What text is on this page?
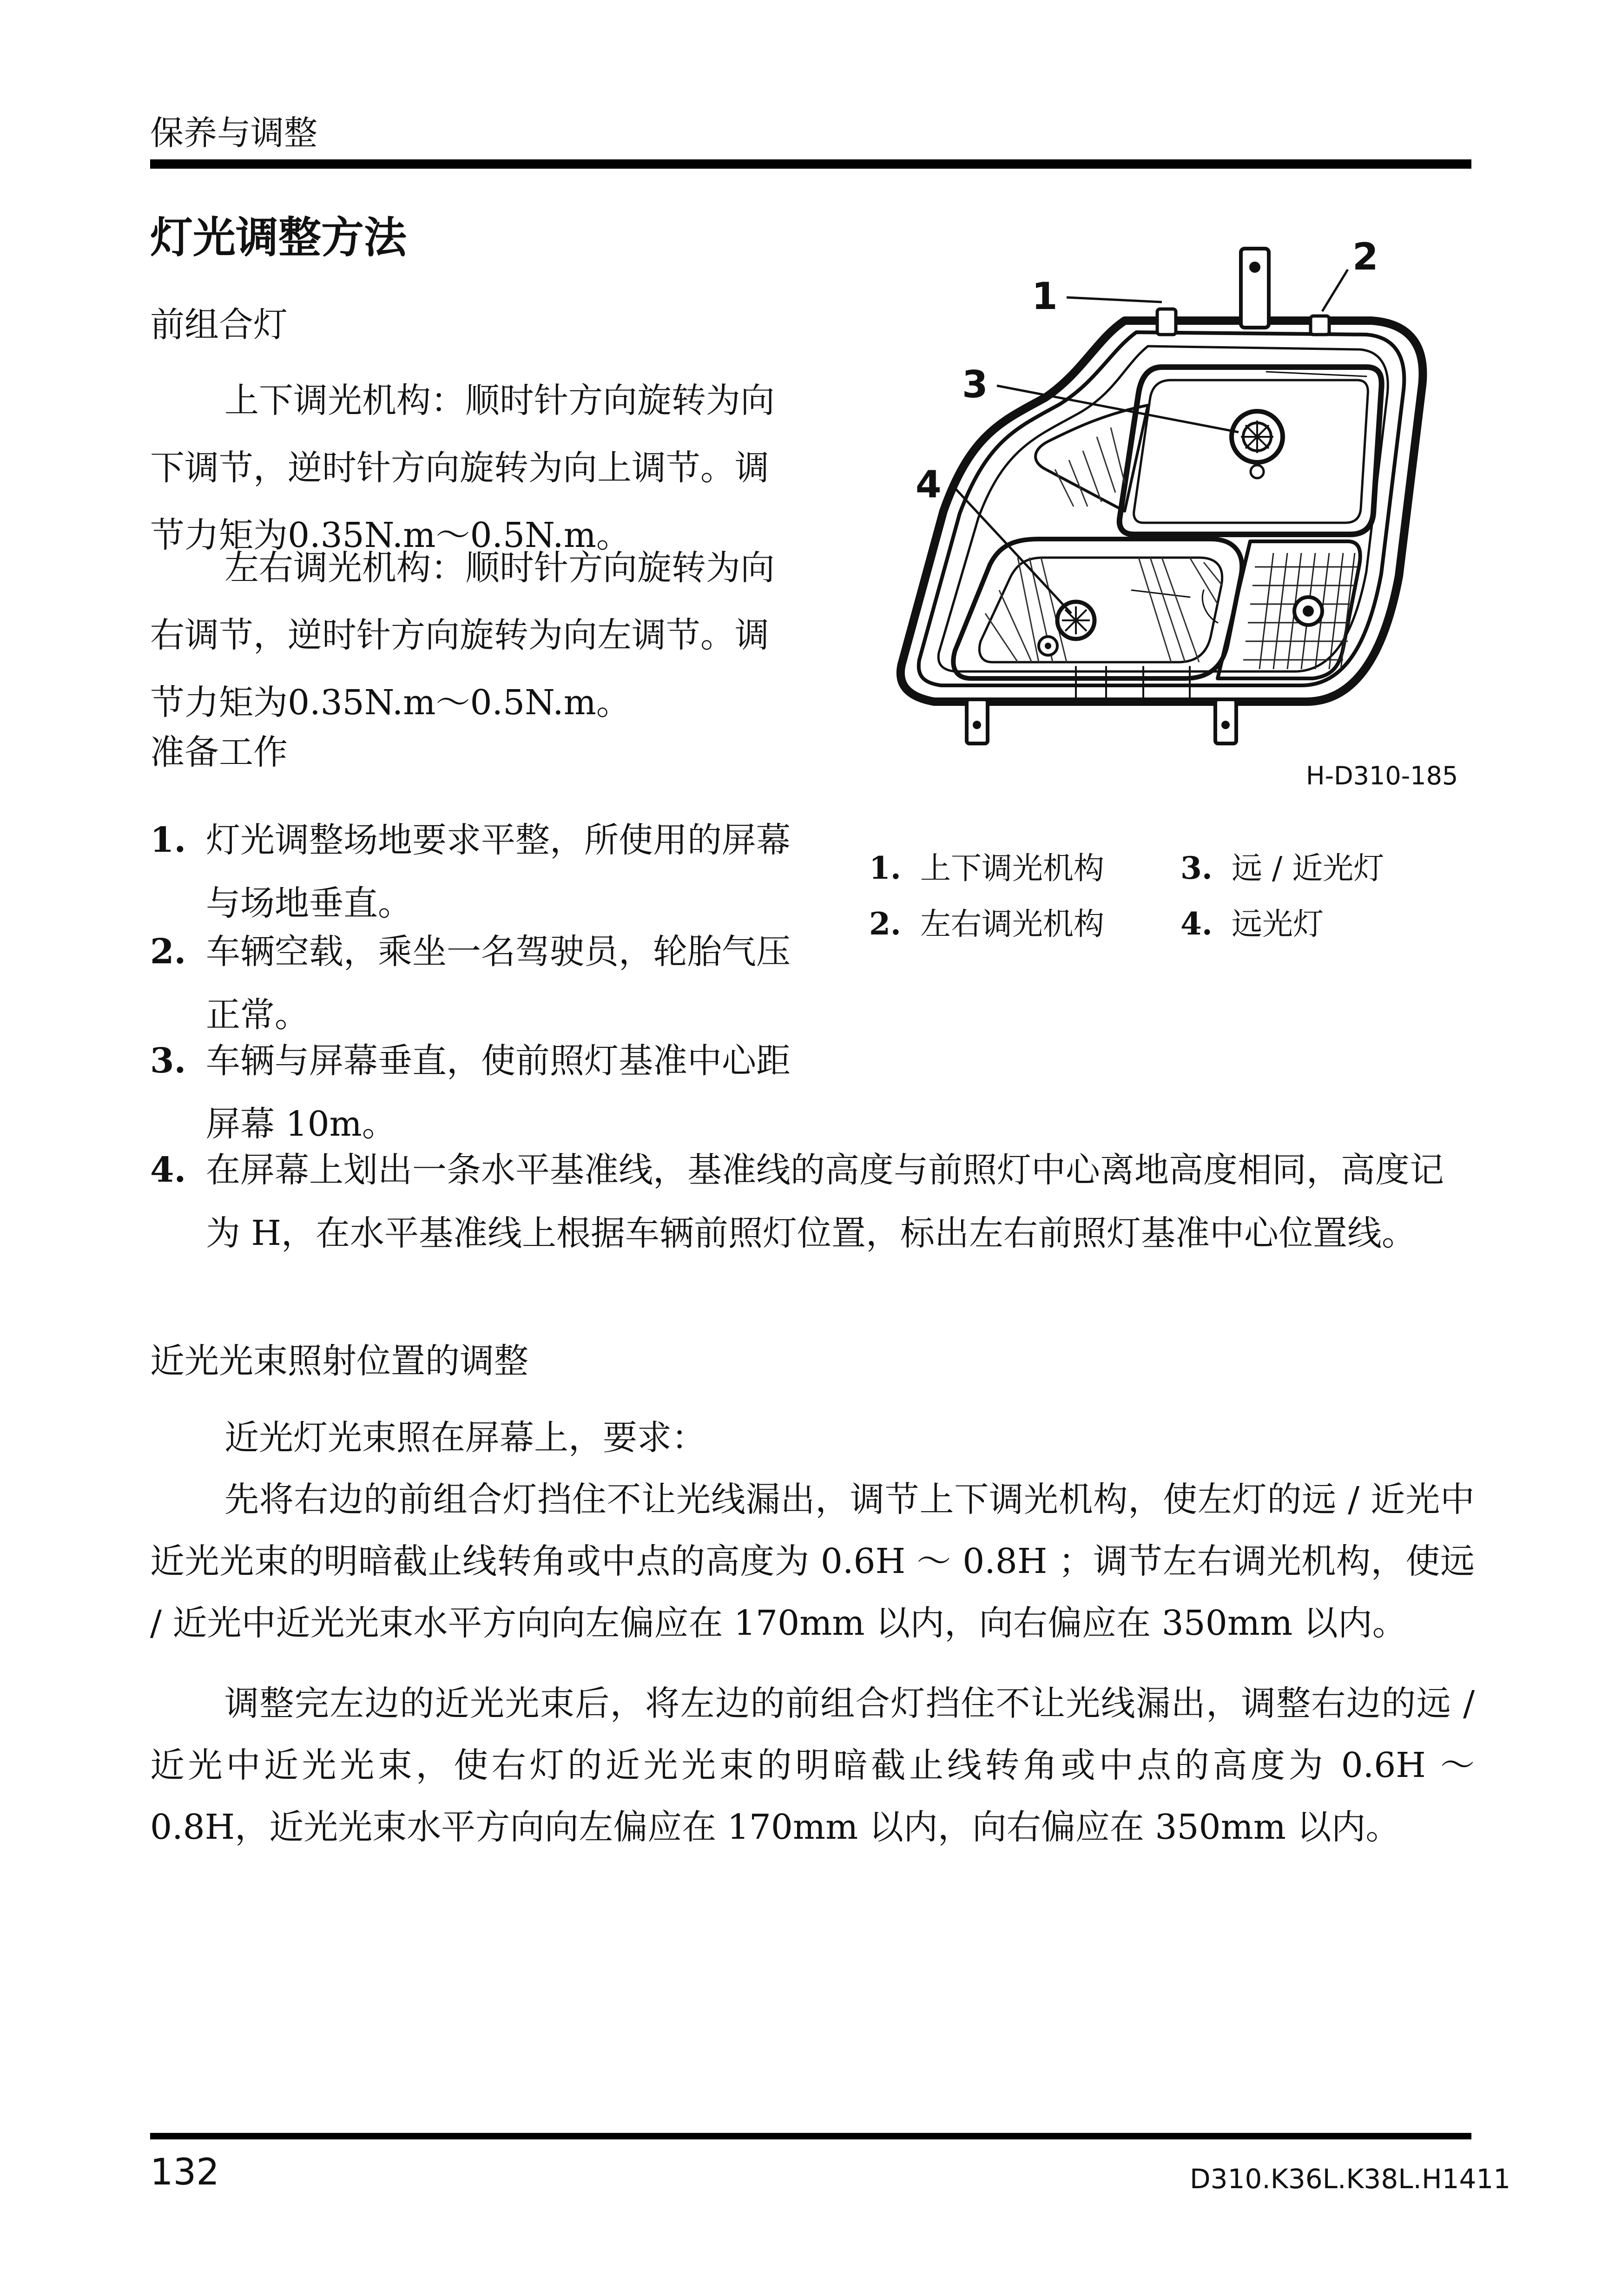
保养与调整
灯光调整方法
前组合灯

上下调光机构：顺时针方向旋转为向下调节，逆时针方向旋转为向上调节。调节力矩为0.35N.m～0.5N.m。

左右调光机构：顺时针方向旋转为向右调节，逆时针方向旋转为向左调节。调节力矩为0.35N.m～0.5N.m。

准备工作
1. 灯光调整场地要求平整，所使用的屏幕与场地垂直。
2. 车辆空载，乘坐一名驾驶员，轮胎气压正常。
3. 车辆与屏幕垂直，使前照灯基准中心距屏幕 10m。
4. 在屏幕上划出一条水平基准线，基准线的高度与前照灯中心离地高度相同，高度记为 H，在水平基准线上根据车辆前照灯位置，标出左右前照灯基准中心位置线。
1
2
3
4
H-D310-185
1. 上下调光机构
2. 左右调光机构
3. 远 / 近光灯
4. 远光灯
近光光束照射位置的调整

近光灯光束照在屏幕上，要求：

先将右边的前组合灯挡住不让光线漏出，调节上下调光机构，使左灯的远 / 近光中近光光束的明暗截止线转角或中点的高度为 0.6H ～ 0.8H ；调节左右调光机构，使远 / 近光中近光光束水平方向向左偏应在 170mm 以内，向右偏应在 350mm 以内。

调整完左边的近光光束后，将左边的前组合灯挡住不让光线漏出，调整右边的远 / 近光中近光光束，使右灯的近光光束的明暗截止线转角或中点的高度为 0.6H ～ 0.8H，近光光束水平方向向左偏应在 170mm 以内，向右偏应在 350mm 以内。

132	D310.K36L.K38L.H1411
